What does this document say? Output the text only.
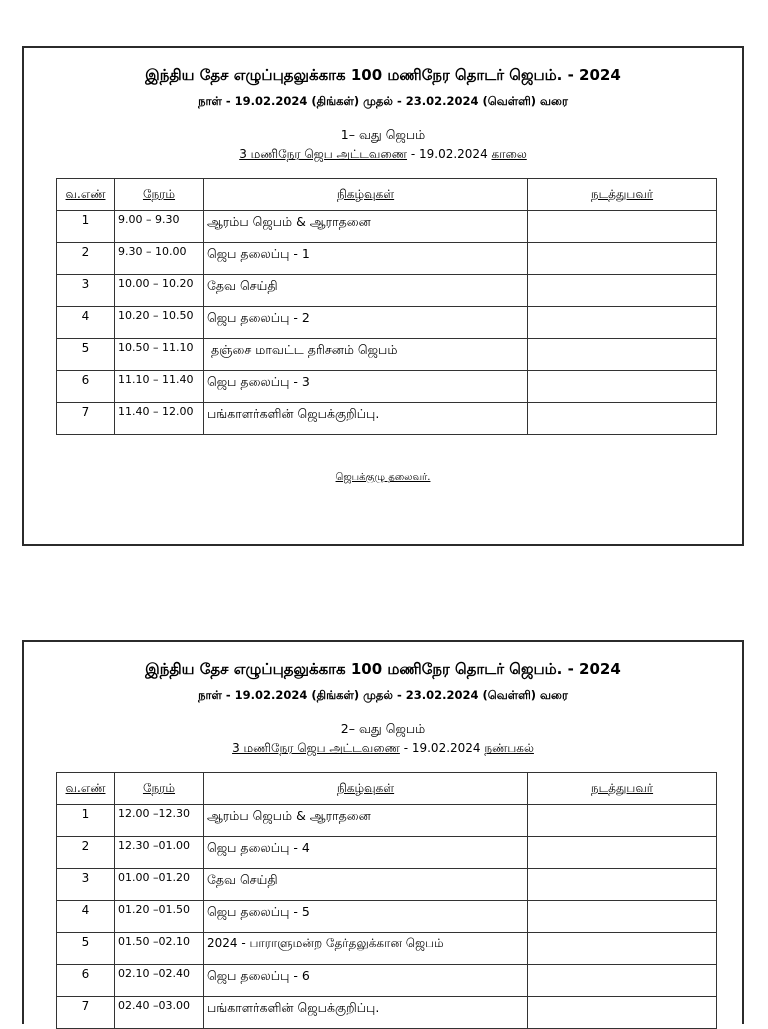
இந்திய தேச எழுப்புதலுக்காக 100 மணிநேர தொடர் ஜெபம். - 2024
நாள் - 19.02.2024 (திங்கள்) முதல் - 23.02.2024 (வெள்ளி) வரை
1– வது ஜெபம்
3 மணிநேர ஜெப அட்டவணை - 19.02.2024 காலை
வ.எண்	நேரம்	நிகழ்வுகள்	நடத்துபவர்
1	9.00 – 9.30	ஆரம்ப ஜெபம் & ஆராதனை	
2	9.30 – 10.00	ஜெப தலைப்பு - 1	
3	10.00 – 10.20	தேவ செய்தி	
4	10.20 – 10.50	ஜெப தலைப்பு - 2	
5	10.50 – 11.10	தஞ்சை மாவட்ட தரிசனம் ஜெபம்	
6	11.10 – 11.40	ஜெப தலைப்பு - 3	
7	11.40 – 12.00	பங்காளர்களின் ஜெபக்குறிப்பு.	
ஜெபக்குழு தலைவர்.
இந்திய தேச எழுப்புதலுக்காக 100 மணிநேர தொடர் ஜெபம். - 2024
நாள் - 19.02.2024 (திங்கள்) முதல் - 23.02.2024 (வெள்ளி) வரை
2– வது ஜெபம்
3 மணிநேர ஜெப அட்டவணை - 19.02.2024 நண்பகல்
வ.எண்	நேரம்	நிகழ்வுகள்	நடத்துபவர்
1	12.00 –12.30	ஆரம்ப ஜெபம் & ஆராதனை	
2	12.30 –01.00	ஜெப தலைப்பு - 4	
3	01.00 –01.20	தேவ செய்தி	
4	01.20 –01.50	ஜெப தலைப்பு - 5	
5	01.50 –02.10	2024 - பாராளுமன்ற தேர்தலுக்கான ஜெபம்	
6	02.10 –02.40	ஜெப தலைப்பு - 6	
7	02.40 –03.00	பங்காளர்களின் ஜெபக்குறிப்பு.	
